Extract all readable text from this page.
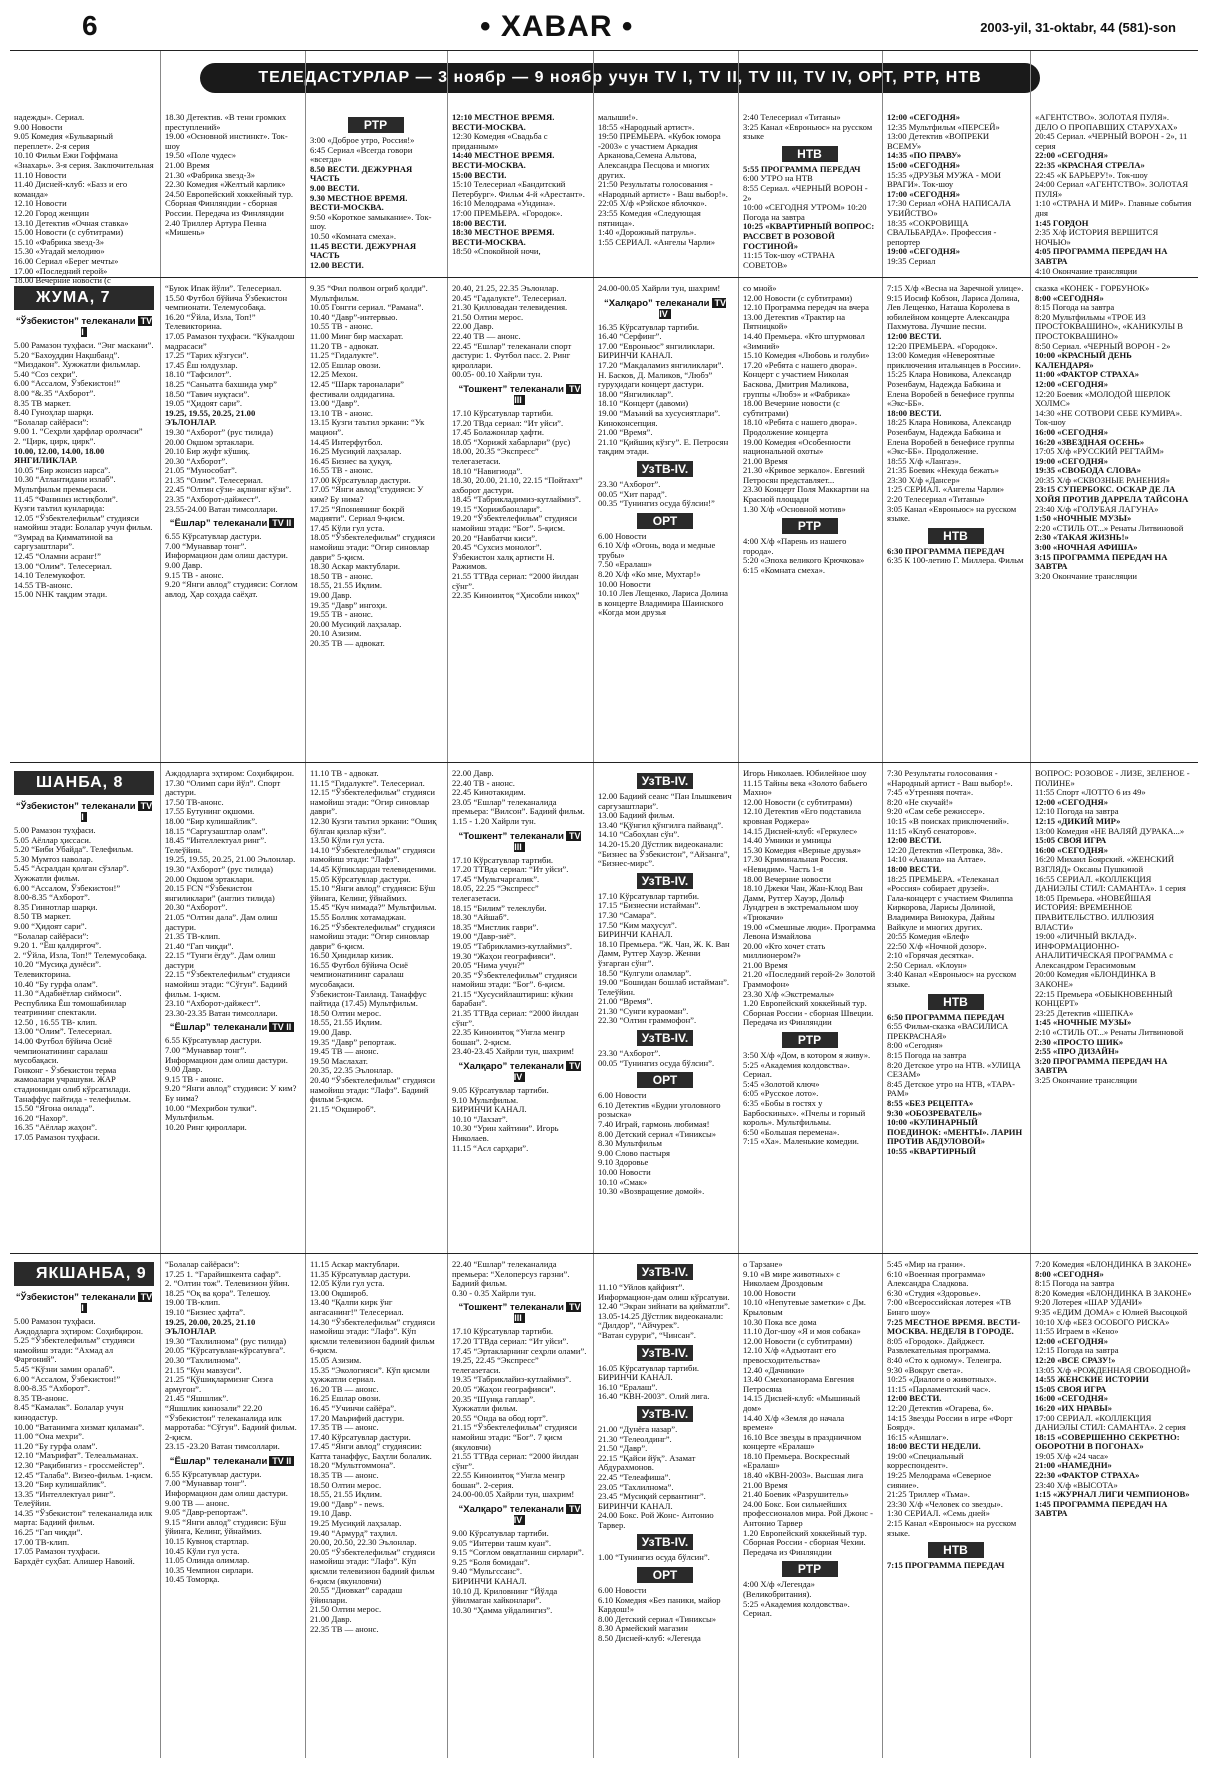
6	• XABAR •	2003-yil, 31-oktabr, 44 (581)-son
ТЕЛЕДАСТУРЛАР — 3 ноябр — 9 ноябр учун TV I, TV II, TV III, TV IV, ОРТ, РТР, НТВ

надежды». Сериал.

9.00 Новости

9.05 Комедия «Бульварный переплет». 2-я серия

10.10 Фильм Ежи Гоффмана «Знахарь». 3-я серия. Заключительная

11.10 Новости

11.40 Дисней-клуб: «Базз и его команда»

12.10 Новости

12.20 Город женщин

13.10 Детектив «Очная ставка»

15.00 Новости (с субтитрами)

15.10 «Фабрика звезд-3»

15.30 «Угадай мелодию»

16.00 Сериал «Берег мечты»

17.00 «Последний герой»

18.00 Вечерние новости (с

18.30 Детектив. «В тени громких преступлений»

19.00 «Основной инстинкт». Ток-шоу

19.50 «Поле чудес»

21.00 Время

21.30 «Фабрика звезд-3»

22.30 Комедия «Желтый карлик»

24.50 Европейский хоккейный тур. Сборная Финляндии - сборная России. Передача из Финляндии

2.40 Триллер Артура Пенна «Мишень»

РТР

3:00 «Доброе утро, Россия!»

6:45 Сериал «Всегда говори «всегда»

8.50 ВЕСТИ. ДЕЖУРНАЯ ЧАСТЬ

9.00 ВЕСТИ.

9.30 МЕСТНОЕ ВРЕМЯ. ВЕСТИ-МОСКВА.

9:50 «Короткое замыкание». Ток-шоу.

10.50 «Комната смеха».

11.45 ВЕСТИ. ДЕЖУРНАЯ ЧАСТЬ

12.00 ВЕСТИ.

12:10 МЕСТНОЕ ВРЕМЯ. ВЕСТИ-МОСКВА.

12:30 Комедия «Свадьба с приданным»

14:40 МЕСТНОЕ ВРЕМЯ. ВЕСТИ-МОСКВА.

15:00 ВЕСТИ.

15:10 Телесериал «Бандитский Петербург». Фильм 4-й «Арестант».

16:10 Мелодрама «Ундина».

17:00 ПРЕМЬЕРА. «Городок».

18:00 ВЕСТИ.

18:30 МЕСТНОЕ ВРЕМЯ. ВЕСТИ-МОСКВА.

18:50 «Спокойной ночи,

малыши!».

18:55 «Народный артист».

19:50 ПРЕМЬЕРА. «Кубок юмора -2003» с участием Аркадия Арканова,Семена Альтова, Александра Песцова и многих других.

21:50 Результаты голосования - «Народный артист» - Ваш выбор!».

22:05 Х/ф «Рэйское яблочко».

23:55 Комедия «Следующая пятница».

1:40 «Дорожный патруль».

1:55 СЕРИАЛ. «Ангелы Чарли»

2:40 Телесериал «Титаны»

3:25 Канал «Евроньюс» на русском языке

НТВ

5:55 ПРОГРАММА ПЕРЕДАЧ

6:00 УТРО на НТВ

8:55 Сериал. «ЧЕРНЫЙ ВОРОН - 2»

10:00 «СЕГОДНЯ УТРОМ» 10:20 Погода на завтра

10:25 «КВАРТИРНЫЙ ВОПРОС: РАССВЕТ В РОЗОВОЙ ГОСТИНОЙ»

11:15 Ток-шоу «СТРАНА СОВЕТОВ»

12:00 «СЕГОДНЯ»

12:35 Мультфильм «ПЕРСЕЙ»

13:00 Детектив «ВОПРЕКИ ВСЕМУ»

14:35 «ПО ПРАВУ»

15:00 «СЕГОДНЯ»

15:35 «ДРУЗЬЯ МУЖА - МОИ ВРАГИ». Ток-шоу

17:00 «СЕГОДНЯ»

17:30 Сериал «ОНА НАПИСАЛА УБИЙСТВО»

18:35 «СОКРОВИЩА СВАЛЬБАРДА». Профессия - репортер

19:00 «СЕГОДНЯ»

19:35 Сериал

«АГЕНТСТВО». ЗОЛОТАЯ ПУЛЯ». ДЕЛО О ПРОПАВШИХ СТАРУХАХ»

20:45 Сериал. «ЧЕРНЫЙ ВОРОН - 2», 11 серия

22:00 «СЕГОДНЯ»

22:35 «КРАСНАЯ СТРЕЛА»

22:45 «К БАРЬЕРУ!». Ток-шоу

24:00 Сериал «АГЕНТСТВО». ЗОЛОТАЯ ПУЛЯ»

1:10 «СТРАНА И МИР». Главные события дня

1:45 ГОРДОН

2:35 Х/ф ИСТОРИЯ ВЕРШИТСЯ НОЧЬЮ»

4:05 ПРОГРАММА ПЕРЕДАЧ НА ЗАВТРА

4:10 Окончание трансляции

ЖУМА, 7

“Ўзбекистон” телеканали TV I

5.00 Рамазон туҳфаси. “Энг маскани”.

5.20 “Бахоуддин Нақшбанд”. “Миздакон”. Хужжатли фильмлар.

5.40 “Соз сеҳри”.

6.00 “Ассалом, Ўзбекистон!”

8.00 “&.35 “Ахборот”.

8.35 ТВ маркет.

8.40 Гуноҳлар шарқи.

“Болалар сайёраси”:

9.00 1. “Сеҳрли ҳарфлар оролчаси”

2. “Цирк, цирк, цирк”.

10.00, 12.00, 14.00, 18.00 ЯНГИЛИКЛАР.

10.05 “Бир жонсиз нарса”.

10.30 “Атлантидани излаб”. Мультфильм премьераси.

11.45 “Фаниниз истиқболи”.

Кузги таътил кунларида:

12.05 “Ўзбектелефильм” студияси намойиш этади: Болалар учун фильм. “Зумрад ва Қимматиной ва саргузаштлари”.

12.45 “Оламни асранг!”

13.00 “Олим”. Телесериал.

14.10 Телемукофот.

14.55 ТВ-анонс.

15.00 NHK тақдим этади.

“Буюк Ипак йўли”. Телесериал.

15.50 Футбол бўйича Ўзбекистон чемпионати. Телемусобақа.

16.20 “Ўйла, Изла, Топ!” Телевикторина.

17.05 Рамазон туҳфаси. “Кўкалдош мадрасаси”

17.25 “Тарих кўзгуси”.

17.45 Ёш юлдузлар.

18.10 “Тафсилот”.

18.25 “Саньатга бахшида умр”

18.50 “Тавич нуқтаси”.

19.05 “Ҳидоят сари”.

19.25, 19.55, 20.25, 21.00 ЭЪЛОНЛАР.

19.30 “Ахборот” (рус тилида)

20.00 Оқшом эртаклари.

20.10 Бир жуфт кўшиқ.

20.30 “Ахборот”.

21.05 “Мунособат”.

21.35 “Олим”. Телесериал.

22.45 “Олтин сўзи- ақлнинг кўзи”.

23.35 “Ахборот-дайжест”.

23.55-24.00 Ватан тимсоллари.

“Ёшлар” телеканали TV II

6.55 Кўрсатувлар дастури.

7.00 “Мунаввар тонг”.

Информацион дам олиш дастури.

9.00 Давр.

9.15 ТВ - анонс.

9.20 “Янги авлод” студияси: Соғлом авлод, Ҳар соҳада саёҳат.

9.35 “Фил полвон огриб қолди”. Мультфильм.

10.05 Гонгги сериал. “Рамана”.

10.40 “Давр”-интервью.

10.55 ТВ - анонс.

11.00 Минг бир масхарат.

11.20 ТВ - адвокат.

11.25 “Гидалукте”.

12.05 Ешлар овози.

12.25 Мехон.

12.45 “Шарк тароналари” фестивали олдидагина.

13.00 “Давр”.

13.10 ТВ - анонс.

13.15 Кузги таътил эркани: “Ук мацион”.

14.45 Интерфутбол.

16.25 Мусиқий лаҳзалар.

16.45 Бизнес ва ҳуқуқ.

16.55 ТВ - анонс.

17.00 Кўрсатувлар дастури.

17.05 “Янги авлод”студияси: У ким? Бу нима?

17.25 “Япониянинг бокрй мадияти”. Сериал 9-қисм.

17.45 Кўли гул уста.

18.05 “Ўзбектелефильм” студияси намойиш этади: “Огир синовлар даври” 5-қисм.

18.30 Аскар мактублари.

18.50 ТВ - анонс.

18.55, 21.55 Иқлим.

19.00 Давр.

19.35 “Давр” ингоҳи.

19.55 ТВ - анонс.

20.00 Мусиқий лаҳзалар.

20.10 Азизим.

20.35 ТВ — адвокат.

20.40, 21.25, 22.35 Эълонлар.

20.45 “Гадалукте”. Телесериал.

21.30 Қилловадан телевидения.

21.50 Олтин мерос.

22.00 Давр.

22.40 ТВ — анонс.

22.45 “Ешлар” телеканали спорт дастури: 1. Футбол пасс. 2. Ринг қироллари.

00.05- 00.10 Хайрли тун.

“Тошкент” телеканали TV III

17.10 Кўрсатувлар тартиби.

17.20 ТВда сериал: “Ит уйси”.

17.45 Болажонлар ҳафти.

18.05 “Хорижй хабарлари” (рус)

18.00, 20.35 “Экспресс” телегазетаси.

18.10 “Навигиода”.

18.30, 20.00, 21.10, 22.15 “Пойтахт” ахборот дастури.

18.45 “Табрикладимиз-кутлаймиз”.

19.15 “Хорижбаонлари”.

19.20 “Ўзбектелефильм” студияси намойиш этади: “Бог”. 5-қисм.

20.20 “Навбатчи киси”.

20.45 “Сухсиз монолог”.

Ўзбекистон халқ артисти Н. Ражимов.

21.55 ТТВда сериал: “2000 йилдан сўнг”.

22.35 Киноинтоқ “Ҳисобли никоҳ”

24.00-00.05 Хайрли тун, шахрим!

“Халқаро” телеканали TV IV

16.35 Кўрсатувлар тартиби.

16.40 “Серфинг”.

17.00 “Евроньюс” янгиликлари.

БИРИНЧИ КАНАЛ.

17.20 “Макдаламиз янгиликлари”. Н. Басков, Д. Маликов, “Любэ” гуруҳидаги концерт дастури.

18.00 “Янгиликлар”.

18.10 “Концерт (давоми)

19.00 “Маъний ва хусусиятлари”.

Киноконсепция.

21.00 “Время”.

21.10 “Қийшиқ кўзгу”. Е. Петросян тақдим этади.

УзТВ-IV.

23.30 “Ахборот”.

00.05 “Хит парад”.

00.35 “Тунингиз осуда бўлсин!”

ОРТ

6.00 Новости

6.10 Х/ф «Огонь, вода и медные трубы»

7.50 «Ералаш»

8.20 Х/ф «Ко мне, Мухтар!»

10.00 Новости

10.10 Лев Лещенко, Лариса Долина в концерте Владимира Шаинского «Когда мои друзья

со мной»

12.00 Новости (с субтитрами)

12.10 Программа передач на вчера

13.00 Детектив «Трактир на Пятницкой»

14.40 Премьера. «Кто штурмовал «Зимний»

15.10 Комедия «Любовь и голуби»

17.20 «Ребята с нашего двора». Концерт с участием Николая Баскова, Дмитрия Маликова, группы «Любэ» и «Фабрика»

18.00 Вечерние новости (с субтитрами)

18.10 «Ребята с нашего двора». Продолжение концерта

19.00 Комедия «Особенности национальной охоты»

21.00 Время

21.30 «Кривое зеркало». Евгений Петросян представляет...

23.30 Концерт Поля Маккартни на Красной площади

1.30 Х/ф «Основной мотив»

РТР

4:00 Х/ф «Парень из нашего города».

5:20 «Эпоха великого Крючкова»

6:15 «Комната смеха».

7:15 Х/ф «Весна на Заречной улице».

9:15 Иосиф Кобзон, Лариса Долина, Лев Лещенко, Наташа Королева в юбилейном концерте Александра Пахмутова. Лучшие песни.

12:00 ВЕСТИ.

12:20 ПРЕМЬЕРА. «Городок».

13:00 Комедия «Невероятные приключения итальянцев в России».

15:25 Клара Новикова, Александр Розенбаум, Надежда Бабкина и Елена Воробей в бенефисе группы «Экс-ББ».

18:00 ВЕСТИ.

18:25 Клара Новикова, Александр Розенбаум, Надежда Бабкина и Елена Воробей в бенефисе группы «Экс-ББ». Продолжение.

18:55 Х/ф «Лангаэ».

21:35 Боевик «Некуда бежать»

23:30 Х/ф «Дансер»

1:25 СЕРИАЛ. «Ангелы Чарли»

2:20 Телесериал «Титаны»

3:05 Канал «Евроньюс» на русском языке.

НТВ

6:30 ПРОГРАММА ПЕРЕДАЧ

6:35 К 100-летию Г. Миллера. Фильм

сказка «КОНЕК - ГОРБУНОК»

8:00 «СЕГОДНЯ»

8:15 Погода на завтра

8:20 Мультфильмы «ТРОЕ ИЗ ПРОСТОКВАШИНО», «КАНИКУЛЫ В ПРОСТОКВАШИНО»

8:50 Сериал. «ЧЕРНЫЙ ВОРОН - 2»

10:00 «КРАСНЫЙ ДЕНЬ КАЛЕНДАРЯ»

11:00 «ФАКТОР СТРАХА»

12:00 «СЕГОДНЯ»

12:20 Боевик «МОЛОДОЙ ШЕРЛОК ХОЛМС»

14:30 «НЕ СОТВОРИ СЕБЕ КУМИРА». Ток-шоу

16:00 «СЕГОДНЯ»

16:20 «ЗВЕЗДНАЯ ОСЕНЬ»

17:05 Х/ф «РУССКИЙ РЕГТАЙМ»

19:00 «СЕГОДНЯ»

19:35 «СВОБОДА СЛОВА»

20:35 Х/ф «СКВОЗНЫЕ РАНЕНИЯ»

23:15 СУПЕРБОКС. ОСКАР ДЕ ЛА ХОЙЯ ПРОТИВ ДАРРЕЛА ТАЙСОНА

23:40 Х/ф «ГОЛУБАЯ ЛАГУНА»

1:50 «НОЧНЫЕ МУЗЫ»

2:20 «СТИЛЬ ОТ...» Ренаты Литвиновой

2:30 «ТАКАЯ ЖИЗНЬ!»

3:00 «НОЧНАЯ АФИША»

3:15 ПРОГРАММА ПЕРЕДАЧ НА ЗАВТРА

3:20 Окончание трансляции

ШАНБА, 8

“Ўзбекистон” телеканали TV I

5.00 Рамазон туҳфаси.

5.05 Аёллар ҳиссаси.

5.20 “Биби Убайда”. Телефильм.

5.30 Мумтоз наволар.

5.45 “Асралдан қолган сўзлар”. Хужжатли фильм.

6.00 “Ассалом, Ўзбекистон!”

8.00-8.35 “Ахборот”.

8.35 Гиннотлар шарқи.

8.50 ТВ маркет.

9.00 “Ҳидоят сари”.

“Болалар сайёраси”:

9.20 1. “Ёш қалдирғоч”.

2. “Ўйла, Изла, Топ!” Телемусобақа.

10.20 “Мусиқа дунёси”. Телевикторина.

10.40 “Бу гурфа олам”.

11.30 “Адабиётлар сиймоси”.

Республика Ёш томошабинлар театрининг спектакли.

12.50 , 16.55 ТВ- клип.

13.00 “Олим”. Телесериал.

14.00 Футбол бўйича Осиё чемпионатининг саралаш мусобақаси.

Гонконг - Ўзбекистон терма жамоалари учрашуви. ЖАР стадионидан олиб кўрсатилади.

Танаффус пайтида - телефильм.

15.50 “Ягона оилада”.

16.20 “Нахор”.

16.35 “Аёллар жаҳон”.

17.05 Рамазон туҳфаси.

Аждодларга эҳтиром: Соҳибқирон.

17.30 “Олимп сари йўл”. Спорт дастури.

17.50 ТВ-анонс.

17.55 Бутунинг оқшоми.

18.00 “Бир кулишайлик”.

18.15 “Саргузаштлар олам”.

18.45 “Интеллектуал ринг”. Телеўйин.

19.25, 19.55, 20.25, 21.00 Эълонлар.

19.30 “Ахборот” (рус тилида)

20.00 Оқшом эртаклари.

20.15 FCN “Ўзбекистон янгиликлари” (англиз тилида)

20.30 “Ахборот”.

21.05 “Олтин дала”. Дам олиш дастури.

21.35 ТВ-клип.

21.40 “Гап чиқди”.

22.15 “Тунги ёғду”. Дам олиш дастури

22.15 “Ўзбектелефильм” студияси намойиш этади: “Сўгун”. Бадиий фильм. 1-қисм.

23.10 “Ахборот-дайжест”.

23.30-23.35 Ватан тимсоллари.

“Ёшлар” телеканали TV II

6.55 Кўрсатувлар дастури.

7.00 “Мунаввар тонг”.

Информацион дам олиш дастури.

9.00 Давр.

9.15 ТВ - анонс.

9.20 “Янги авлод” студияси: У ким? Бу нима?

10.00 “Мехрибон тулки”. Мультфильм.

10.20 Ринг қироллари.

11.10 ТВ - адвокат.

11.15 “Гидалукте”. Телесериал.

12.15 “Ўзбектелефильм” студияси намойиш этади: “Огир синовлар даври”.

12.30 Кузги таътил эркани: “Ошиқ бўлган қизлар кўзи”.

13.50 Кўли гул уста.

14.10 “Ўзбектелефильм” студияси намойиш этади: “Лафз”.

14.45 Кўпиклардан телевиденими.

15.05 Кўрсатувлар дастури.

15.10 “Янги авлод” студияси: Бўш ўйинга, Келинг, ўйнаймиз.

15.45 “Куч нимада?” Мультфильм.

15.55 Боллик хотамаджан.

16.25 “Ўзбектелефильм” студияси намойиш этади: “Огир синовлар даври” 6-қисм.

16.50 Ҳиндилар кизик.

16.55 Футбол бўйича Осиё чемпионатининг саралаш мусобақаси.

Ўзбекистон-Таиланд. Танаффус пайтида (17.45) Мультфильм.

18.50 Олтин мерос.

18.55, 21.55 Иқлим.

19.00 Давр.

19.35 “Давр” репортаж.

19.45 ТВ — анонс.

19.50 Маслахат.

20.35, 22.35 Эълонлар.

20.40 “Ўзбектелефильм” студияси намойиш этади: “Лафз”. Бадиий фильм 5-қисм.

21.15 “Оқшироб”.

22.00 Давр.

22.40 ТВ - анонс.

22.45 Кинотакидим.

23.05 “Ешлар” телеканалида премьера: “Вилсон”. Бадиий фильм.

1.15 - 1.20 Хайрли тун.

“Тошкент” телеканали TV III

17.10 Кўрсатувлар тартиби.

17.20 ТТВда сериал: “Ит уйси”.

17.45 “Мультчаргалик”.

18.05, 22.25 “Экспресс” телегазетаси.

18.15 “Билим” телеклуби.

18.30 “Айшаб”.

18.35 “Мистлик гаври”.

19.00 “Давр-зиё”.

19.05 “Табрикламиз-кутлаймиз”.

19.30 “Жаҳон географияси”.

20.05 “Нима учун?”

20.35 “Ўзбектелефильм” студияси намойиш этади: “Бог”. 6-қисм.

21.15 “Хусусийлаштириш: кўкин барабан”.

21.35 ТТВда сериал: “2000 йилдан сўнг”.

22.35 Киноинтоқ “Унгла менгр бошан”. 2-қисм.

23.40-23.45 Хайрли тун, шахрим!

“Халқаро” телеканали TV IV

9.05 Кўрсатувлар тартиби.

9.10 Мультфильм.

БИРИНЧИ КАНАЛ.

10.10 “Лахзат”.

10.30 “Урин хайтини”. Игорь Николаев.

11.15 “Асл сарҳари”.

УзТВ-IV.

12.00 Бадиий сеанс “Пан Ілышкевич саргузаштлари”.

13.00 Бадиий фильм.

13.40 “Қўнгил қўнгилга пайванд”.

14.10 “Сабоҳлан сўн”.

14.20-15.20 Дўстлик видеоканали: “Бизнес ва Ўзбекистон”, “Айзанга”, “Бизнес-мирс”.

УзТВ-IV.

17.10 Кўрсатувлар тартиби.

17.15 “Бизнесни истайман”.

17.30 “Самара”.

17.50 “Ким маҳусул”.

БИРИНЧИ КАНАЛ.

18.10 Премьера. “Ж. Чан, Ж. К. Ван Дамм, Рутгер Хауэр. Женни ўзгарган сўнг”.

18.50 “Кулгули оламлар”.

19.00 “Бошидан бошлаб истайман”. Телеўйин.

21.00 “Время”.

21.30 “Сунги кураоман”.

22.30 “Олтин граммофон”.

УзТВ-IV.

23.30 “Ахборот”.

00.05 “Тунингиз осуда бўлсин”.

ОРТ

6.00 Новости

6.10 Детектив «Будни уголовного розыска»

7.40 Играй, гармонь любимая!

8.00 Детский сериал «Тиниксы»

8.30 Мультфильм

9.00 Слово пастыря

9.10 Здоровье

10.00 Новости

10.10 «Смак»

10.30 «Возвращение домой».

Игорь Николаев. Юбилейное шоу

11.15 Тайны века «Золото бабьего Махно»

12.00 Новости (с субтитрами)

12.10 Детектив «Его подставила кровная Роджера»

14.15 Дисней-клуб: «Геркулес»

14.40 Умники и умницы

15.30 Комедия «Верные друзья»

17.30 Криминальная Россия. «Невидим». Часть 1-я

18.00 Вечерние новости

18.10 Джеки Чан, Жан-Клод Ван Дамм, Рутгер Хауэр, Дольф Лундгрен в экстремальном шоу «Трюкачи»

19.00 «Смешные люди». Программа Левона Измайлова

20.00 «Кто хочет стать миллионером?»

21.00 Время

21.20 «Последний герой-2» Золотой Граммофон»

23.30 Х/ф «Экстремалы»

1.20 Европейский хоккейный тур. Сборная России - сборная Швеции. Передача из Финляндии

РТР

3:50 Х/ф «Дом, в котором я живу».

5:25 «Академия колдовства». Сериал.

5:45 «Золотой ключ»

6:05 «Русское лото».

6:35 «Бобы в гостях у Барбоскиных». «Пчелы и горный король». Мультфильмы.

6:50 «Большая перемена».

7:15 «Ха». Маленькие комедии.

7:30 Результаты голосования - «Народный артист - Ваш выбор!».

7:45 «Утренняя почта».

8:20 «Не скучай!»

9:20 «Сам себе режиссер».

10:15 «В поисках приключений».

11:15 «Клуб сенаторов».

12:00 ВЕСТИ.

12:20 Детектив «Петровка, 38».

14:10 «Анаила» на Алтае».

18:00 ВЕСТИ.

18:25 ПРЕМЬЕРА. «Телеканал «Россия» собирает друзей».

Гала-концерт с участием Филиппа Киркорова, Ларисы Долиной, Владимира Винокура, Дайны Вайкуле и многих других.

20:55 Комедия «Блеф»

22:50 Х/ф «Ночной дозор».

2:10 «Горячая десятка».

2:50 Сериал. «Клоун»

3:40 Канал «Евроньюс» на русском языке.

НТВ

6:50 ПРОГРАММА ПЕРЕДАЧ

6:55 Фильм-сказка «ВАСИЛИСА ПРЕКРАСНАЯ»

8:00 «Сегодня»

8:15 Погода на завтра

8:20 Детское утро на НТВ. «УЛИЦА СЕЗАМ»

8:45 Детское утро на НТВ, «ТАРА-РАМ»

8:55 «БЕЗ РЕЦЕПТА»

9:30 «ОБОЗРЕВАТЕЛЬ»

10:00 «КУЛИНАРНЫЙ ПОЕДИНОК: «МЕНТЫ». ЛАРИН ПРОТИВ АБДУЛОВОЙ»

10:55 «КВАРТИРНЫЙ

ВОПРОС: РОЗОВОЕ - ЛИЗЕ, ЗЕЛЕНОЕ - ПОЛИНЕ»

11:55 Спорт «ЛОТТО 6 из 49»

12:00 «СЕГОДНЯ»

12:10 Погода на завтра

12:15 «ДИКИЙ МИР»

13:00 Комедия «НЕ ВАЛЯЙ ДУРАКА...»

15:05 СВОЯ ИГРА

16:00 «СЕГОДНЯ»

16:20 Михаил Боярский. «ЖЕНСКИЙ ВЗГЛЯД» Оксаны Пушкиной

16:55 СЕРИАЛ. «КОЛЛЕКЦИЯ ДАНИЭЛЫ СТИЛ: САМАНТА». 1 серия

18:05 Премьера. «НОВЕЙШАЯ ИСТОРИЯ: ВРЕМЕННОЕ ПРАВИТЕЛЬСТВО. ИЛЛЮЗИЯ ВЛАСТИ»

19:00 «ЛИЧНЫЙ ВКЛАД». ИНФОРМАЦИОННО-АНАЛИТИЧЕСКАЯ ПРОГРАММА с Александром Герасимовым

20:00 Комедия «БЛОНДИНКА В ЗАКОНЕ»

22:15 Премьера «ОБЫКНОВЕННЫЙ КОНЦЕРТ»

23:25 Детектив «ШЕПКА»

1:45 «НОЧНЫЕ МУЗЫ»

2:10 «СТИЛЬ ОТ...» Ренаты Литвиновой

2:30 «ПРОСТО ШИК»

2:55 «ПРО ДИЗАЙН»

3:20 ПРОГРАММА ПЕРЕДАЧ НА ЗАВТРА

3:25 Окончание трансляции

ЯКШАНБА, 9

“Ўзбекистон” телеканали TV I

5.00 Рамазон туҳфаси.

Аждодларга эҳтиром: Соҳибқирон.

5.25 “Ўзбектелефильм” студияси намойиш этади: “Ахмад ал Фарғоний”.

5.45 “Кўзни замин оралаб”.

6.00 “Ассалом, Ўзбекистон!”

8.00-8.35 “Ахборот”.

8.35 ТВ-анонс.

8.45 “Камалак”. Болалар учун кинодастур.

10.00 “Ватанимга хизмат қиламан”.

11.00 “Она мехри”.

11.20 “Бу гурфа олам”.

12.10 “Маърифат”. Телеальманах.

12.30 “Рақибингиз - гроссмейстер”.

12.45 “Талаба”. Визео-фильм. 1-қисм.

13.20 “Бир кулишайлик”.

13.35 “Интеллектуал ринг”. Телеўйин.

14.35 “Ўзбекистон” телеканалида илк марта: Бадиий фильм.

16.25 “Гап чиқди”.

17.00 ТВ-клип.

17.05 Рамазон туҳфаси.

Бархдёт суҳбат. Алишер Навоий.

“Болалар сайёраси”:

17.25 1. “Гарайишкента сафар”.

2. “Олтин тож”. Телевизион ўйин.

18.25 “Оқ ва қора”. Телешоу.

19.00 ТВ-клип.

19.10 “Бизнес ҳафта”.

19.25, 20.00, 20.25, 21.10 ЭЪЛОНЛАР.

19.30 “Тахлилнома” (рус тилида)

20.05 “Кўрсатувлан-кўрсатувга”.

20.30 “Тахлилнома”.

21.15 “Кун мавзуси”.

21.25 “Қўшиқлармизнг Сиэга армуғон”.

21.45 “Яшшлик”.

“Яшшлик кинозали” 22.20 “Ўзбекистон” телеканалида илк марротаба: “Сўгун”. Бадиий фильм. 2-қисм.

23.15 -23.20 Ватан тимсоллари.

“Ёшлар” телеканали TV II

6.55 Кўрсатувлар дастури.

7.00 “Мунаввар тонг”.

Информацион дам олиш дастури.

9.00 ТВ — анонс.

9.05 “Давр-репортаж”.

9.15 “Янги авлод” студияси: Бўш ўйинга, Келинг, ўйнаймиз.

10.15 Кувноқ стартлар.

10.45 Кўли гул уста.

11.05 Олинда олимлар.

10.35 Чемпион сирлари.

10.45 Томорқа.

11.15 Аскар мактублари.

11.35 Кўрсатувлар дастури.

12.05 Кўли гул уста.

13.00 Оқшироб.

13.40 “Қалпи кирк ўнг ангасанинг!” Телесериал.

14.30 “Ўзбектелефильм” студияси намойиш этади: “Лафз”. Кўп қисмли телевизион бадиий фильм 6-қисм.

15.05 Азизим.

15.35 “Экологияси”. Кўп қисмли ҳужжатли сериал.

16.20 ТВ — анонс.

16.25 Ешлар овози.

16.45 “Учинчи сайёра”.

17.20 Маърифий дастури.

17.35 ТВ — анонс.

17.40 Кўрсатувлар дастури.

17.45 “Янги авлод” студиясии: Катта танаффус, Баҳтли болалик.

18.20 “Мультгоммона”.

18.35 ТВ — анонс.

18.50 Олтин мерос.

18.55, 21.55 Иқлим.

19.00 “Давр” - news.

19.10 Давр.

19.25 Мусиқий лаҳзалар.

19.40 “Армурд” таҳлил.

20.00, 20.50, 22.30 Эълонлар.

20.05 “Ўзбектелефильм” студияси намойиш этади: “Лафз”. Кўп қисмли телевизион бадиий фильм 6-қисм (якунловчи)

20.55 “Диовкат” сарадаш ўйинлари.

21.50 Олтин мерос.

21.00 Давр.

22.35 ТВ — анонс.

22.40 “Ешлар” телеканалида премьера: “Хелоперсуз гарзни”. Бадиий фильм.

0.30 - 0.35 Хайрли тун.

“Тошкент” телеканали TV III

17.10 Кўрсатувлар тартиби.

17.20 ТТВда сериал: “Ит уйси”.

17.45 “Эртакларнинг сеҳрли олами”.

19.25, 22.45 “Экспресс” телегазетаси.

19.35 “Табриклайиз-кутлаймиз”.

20.05 “Жаҳон географияси”.

20.35 “Шунқа гаплар”.

Хужжатли фильм.

20.55 “Онда ва обод юрт”.

21.15 “Ўзбектелефильм” студияси намойиш этади: “Бог”. 7 қисм (якуловчи)

21.55 ТТВда сериал: “2000 йилдан сўнг”.

22.55 Киноинтоқ “Унгла менгр бошан”. 2-серия.

24.00-00.05 Хайрли тун, шахрим!

“Халқаро” телеканали TV IV

9.00 Кўрсатувлар тартиби.

9.05 “Интерви ташм куан”.

9.15 “Соғлом овқатланиш сирлари”.

9.25 “Боля бомидан”.

9.40 “Мульгссанс”.

БИРИНЧИ КАНАЛ.

10.10 Д. Криловнинг “Йўлда ўйилмаган хайконлари”.

10.30 “Ҳамма уйдалингиз”.

УзТВ-IV.

11.10 “Уйлов қайфият”. Информацион-дам олиш кўрсатуви.

12.40 “Экран зийнати ва қийматли”.

13.05-14.25 Дўстлик видеоканали: “Дилдор”, “Айчурек”.

“Ватан сурури”, “Чинсан”.

УзТВ-IV.

16.05 Кўрсатувлар тартиби.

БИРИНЧИ КАНАЛ.

16.10 “Ералаш”.

16.40 “КВН-2003”. Олий лига.

УзТВ-IV.

21.00 “Дунёга назар”.

21.30 “Телеолдинг”.

21.50 “Давр”.

22.15 “Қайси йўқ”. Азамат Абдурахмонов.

22.45 “Телеафиша”.

23.05 “Тахлилнома”.

23.45 “Мусиқий сервантинг”.

БИРИНЧИ КАНАЛ.

24.00 Бокс. Рой Жонс- Антонио Тарвер.

УзТВ-IV.

1.00 “Тунингиз осуда бўлсин”.

ОРТ

6.00 Новости

6.10 Комедия «Без паники, майор Кардош!»

8.00 Детский сериал «Тиниксы»

8.30 Армейский магазин

8.50 Дисней-клуб: «Легенда

о Тарзане»

9.10 «В мире животных» с Николаем Дроздовым

10.00 Новости

10.10 «Непутевые заметки» с Дм. Крыловым

10.30 Пока все дома

11.10 Дог-шоу «Я и моя собака»

12.00 Новости (с субтитрами)

12.10 Х/ф «Адъютант его превосходительства»

12.40 «Дачники»

13.40 Смехопанорама Евгения Петросяна

14.15 Дисней-клуб: «Мышиный дом»

14.40 Х/ф «Земля до начала времен»

16.10 Все звезды в праздничном концерте «Ералаш»

18.10 Премьера. Воскресный «Ералаш»

18.40 «КВН-2003». Высшая лига

21.00 Время

21.40 Боевик «Разрушитель»

24.00 Бокс. Бои сильнейших профессионалов мира. Рой Джонс - Антонио Тарвер

1.20 Европейский хоккейный тур. Сборная России - сборная Чехии. Передача из Финляндии

РТР

4:00 Х/ф «Легенда» (Великобритания).

5:25 «Академия колдовства». Сериал.

5:45 «Мир на грани».

6:10 «Военная программа» Александра Сладкова.

6:30 «Студия «Здоровье».

7:00 «Всероссийская лотерея «ТВ Бинго шоу»

7:25 МЕСТНОЕ ВРЕМЯ. ВЕСТИ-МОСКВА. НЕДЕЛЯ В ГОРОДЕ.

8:05 «Городок». Дайджест. Развлекательная программа.

8:40 «Сто к одному». Телеигра.

9:30 «Вокруг света».

10:25 «Диалоги о животных».

11:15 «Парламентский час».

12:00 ВЕСТИ.

12:20 Детектив «Огарева, 6».

14:15 Звезды России в игре «Форт Боярд».

16:15 «Аншлаг».

18:00 ВЕСТИ НЕДЕЛИ.

19:00 «Специальный корреспондент».

19:25 Мелодрама «Северное сияние».

21:25 Триллер «Тьма».

23:30 Х/ф «Человек со звезды».

1:30 СЕРИАЛ. «Семь дней»

2:15 Канал «Евроньюс» на русском языке.

НТВ

7:15 ПРОГРАММА ПЕРЕДАЧ

7:20 Комедия «БЛОНДИНКА В ЗАКОНЕ»

8:00 «СЕГОДНЯ»

8:15 Погода на завтра

8:20 Комедия «БЛОНДИНКА В ЗАКОНЕ»

9:20 Лотерея «ШАР УДАЧИ»

9:35 «ЕДИМ ДОМА» с Юлией Высоцкой

10:10 Х/ф «БЕЗ ОСОБОГО РИСКА»

11:55 Играем в «Кено»

12:00 «СЕГОДНЯ»

12:15 Погода на завтра

12:20 «ВСЕ СРАЗУ!»

13:05 Х/ф «РОЖДЕННАЯ СВОБОДНОЙ»

14:55 ЖЕНСКИЕ ИСТОРИИ

15:05 СВОЯ ИГРА

16:00 «СЕГОДНЯ»

16:20 «ИХ НРАВЫ»

17:00 СЕРИАЛ. «КОЛЛЕКЦИЯ ДАНИЭЛЫ СТИЛ: САМАНТА». 2 серия

18:15 «СОВЕРШЕННО СЕКРЕТНО: ОБОРОТНИ В ПОГОНАХ»

19:05 Х/ф «24 часа»

21:00 «НАМЕДНИ»

22:30 «ФАКТОР СТРАХА»

23:40 Х/ф «ВЫСОТА»

1:15 «ЖУРНАЛ ЛИГИ ЧЕМПИОНОВ»

1:45 ПРОГРАММА ПЕРЕДАЧ НА ЗАВТРА
